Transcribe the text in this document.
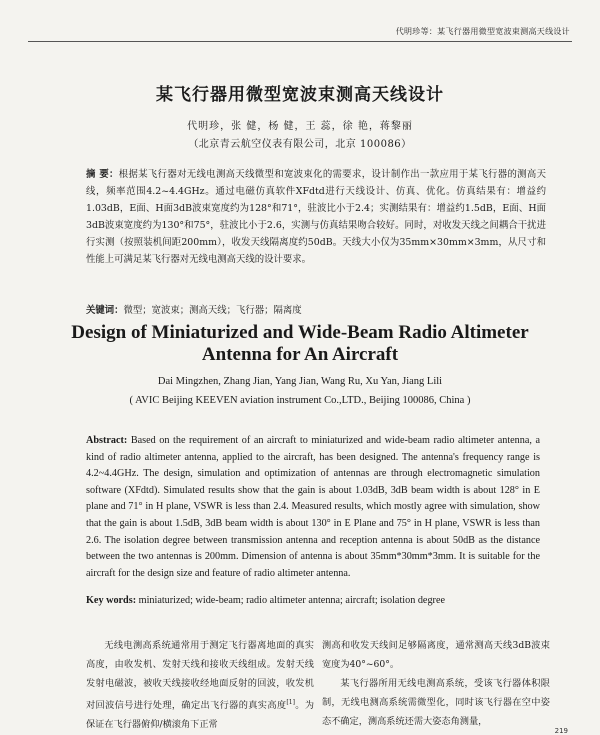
代明珍等：某飞行器用微型宽波束测高天线设计
某飞行器用微型宽波束测高天线设计
代明珍，张 健，杨 健，王 蕊，徐 艳，蒋黎丽
（北京青云航空仪表有限公司，北京 100086）
摘 要：根据某飞行器对无线电测高天线微型和宽波束化的需要求，设计制作出一款应用于某飞行器的测高天线，频率范围4.2~4.4GHz。通过电磁仿真软件XFdtd进行天线设计、仿真、优化。仿真结果有：增益约1.03dB，E面、H面3dB波束宽度约为128°和71°，驻波比小于2.4；实测结果有：增益约1.5dB，E面、H面3dB波束宽度约为130°和75°，驻波比小于2.6，实测与仿真结果吻合较好。同时，对收发天线之间耦合干扰进行实测（按照装机间距200mm），收发天线隔离度约50dB。天线大小仅为35mm×30mm×3mm，从尺寸和性能上可满足某飞行器对无线电测高天线的设计要求。
关键词：微型；宽波束；测高天线；飞行器；隔离度
Design of Miniaturized and Wide-Beam Radio Altimeter Antenna for An Aircraft
Dai Mingzhen, Zhang Jian, Yang Jian, Wang Ru, Xu Yan, Jiang Lili
( AVIC Beijing KEEVEN aviation instrument Co.,LTD., Beijing 100086, China )
Abstract: Based on the requirement of an aircraft to miniaturized and wide-beam radio altimeter antenna, a kind of radio altimeter antenna, applied to the aircraft, has been designed. The antenna's frequency range is 4.2~4.4GHz. The design, simulation and optimization of antennas are through electromagnetic simulation software (XFdtd). Simulated results show that the gain is about 1.03dB, 3dB beam width is about 128° in E plane and 71° in H plane, VSWR is less than 2.4. Measured results, which mostly agree with simulation, show that the gain is about 1.5dB, 3dB beam width is about 130° in E Plane and 75° in H plane, VSWR is less than 2.6. The isolation degree between transmission antenna and reception antenna is about 50dB as the distance between the two antennas is 200mm. Dimension of antenna is about 35mm*30mm*3mm. It is suitable for the aircraft for the design size and feature of radio altimeter antenna.
Key words: miniaturized; wide-beam; radio altimeter antenna; aircraft; isolation degree

无线电测高系统通常用于测定飞行器离地面的真实高度，由收发机、发射天线和接收天线组成。发射天线发射电磁波，被收天线接收经地面反射的回波，收发机对回波信号进行处理，确定出飞行器的真实高度[1]。为保证在飞行器俯仰/横滚角下正常

测高和收发天线间足够隔离度，通常测高天线3dB波束宽度为40°~60°。

某飞行器所用无线电测高系统，受该飞行器体积限制，无线电测高系统需微型化，同时该飞行器在空中姿态不确定，测高系统还需大姿态角测量，

219
